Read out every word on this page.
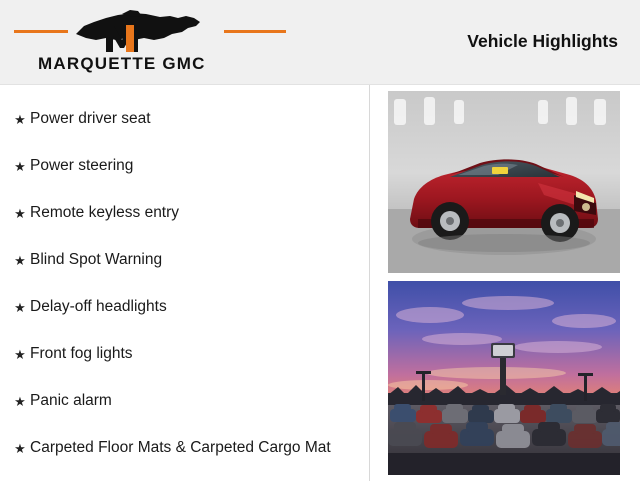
MARQUETTE GMC
Vehicle Highlights
★ Power driver seat
★ Power steering
★ Remote keyless entry
★ Blind Spot Warning
★ Delay-off headlights
★ Front fog lights
★ Panic alarm
★ Carpeted Floor Mats & Carpeted Cargo Mat
